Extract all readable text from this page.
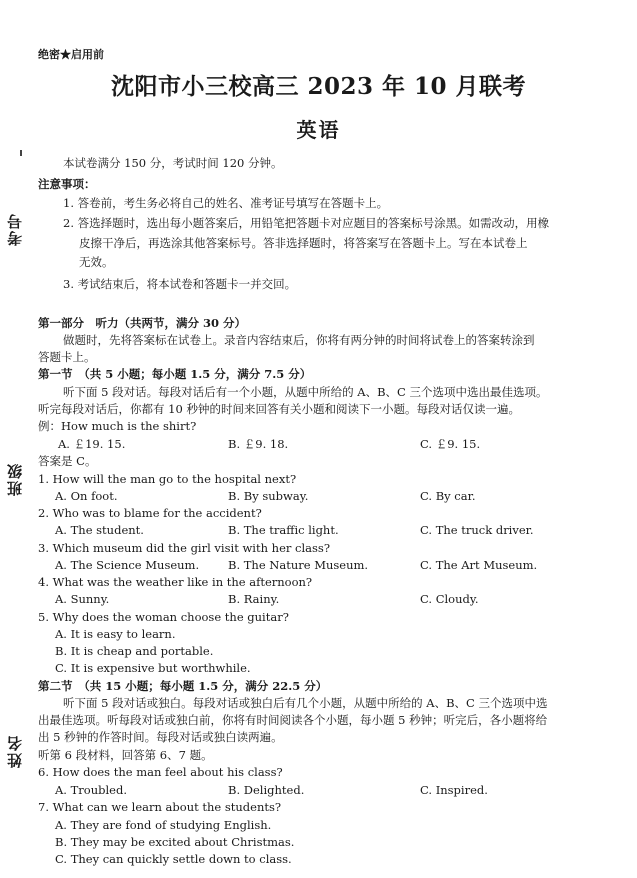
绝密★启用前
沈阳市小三校高三 2023 年 10 月联考
英语
考号
班级
姓名
本试卷满分 150 分，考试时间 120 分钟。
注意事项：
1. 答卷前，考生务必将自己的姓名、准考证号填写在答题卡上。
2. 答选择题时，选出每小题答案后，用铅笔把答题卡对应题目的答案标号涂黑。如需改动，用橡
皮擦干净后，再选涂其他答案标号。答非选择题时，将答案写在答题卡上。写在本试卷上
无效。
3. 考试结束后，将本试卷和答题卡一并交回。
第一部分　听力（共两节，满分 30 分）
做题时，先将答案标在试卷上。录音内容结束后，你将有两分钟的时间将试卷上的答案转涂到
答题卡上。
第一节　（共 5 小题；每小题 1.5 分，满分 7.5 分）
听下面 5 段对话。每段对话后有一个小题，从题中所给的 A、B、C 三个选项中选出最佳选项。
听完每段对话后，你都有 10 秒钟的时间来回答有关小题和阅读下一小题。每段对话仅读一遍。
例：How much is the shirt?
A. ￡19. 15.	B. ￡9. 18.	C. ￡9. 15.
答案是 C。
1. How will the man go to the hospital next?
A. On foot.	B. By subway.	C. By car.
2. Who was to blame for the accident?
A. The student.	B. The traffic light.	C. The truck driver.
3. Which museum did the girl visit with her class?
A. The Science Museum.	B. The Nature Museum.	C. The Art Museum.
4. What was the weather like in the afternoon?
A. Sunny.	B. Rainy.	C. Cloudy.
5. Why does the woman choose the guitar?
A. It is easy to learn.
B. It is cheap and portable.
C. It is expensive but worthwhile.
第二节　（共 15 小题；每小题 1.5 分，满分 22.5 分）
听下面 5 段对话或独白。每段对话或独白后有几个小题，从题中所给的 A、B、C 三个选项中选
出最佳选项。听每段对话或独白前，你将有时间阅读各个小题，每小题 5 秒钟；听完后，各小题将给
出 5 秒钟的作答时间。每段对话或独白读两遍。
听第 6 段材料，回答第 6、7 题。
6. How does the man feel about his class?
A. Troubled.	B. Delighted.	C. Inspired.
7. What can we learn about the students?
A. They are fond of studying English.
B. They may be excited about Christmas.
C. They can quickly settle down to class.
